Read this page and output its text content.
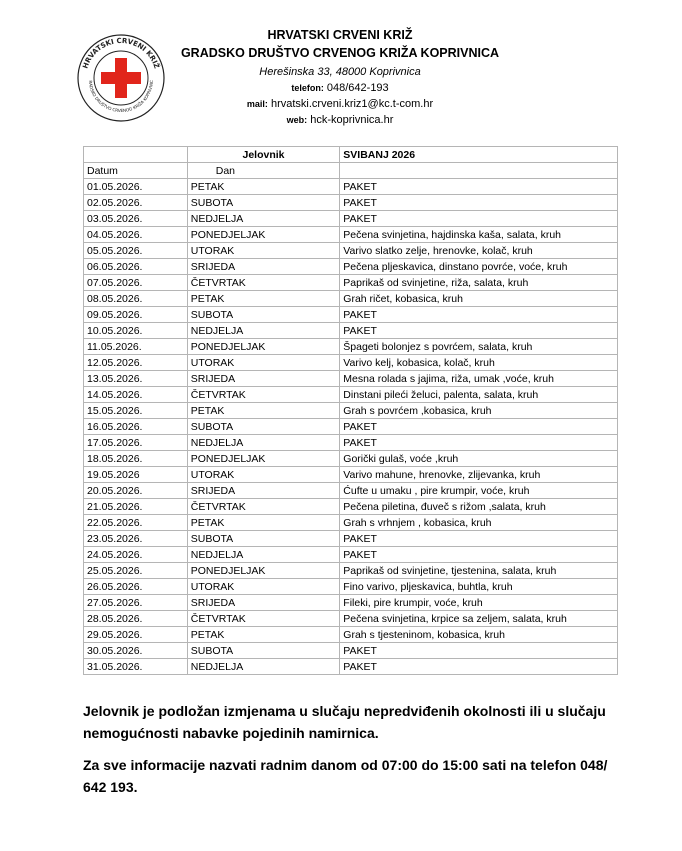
HRVATSKI CRVENI KRIŽ
RADSKO DRUŠTVO CRVENOG KRIŽA KOPRIVNIC
HRVATSKI CRVENI KRIŽ
GRADSKO DRUŠTVO CRVENOG KRIŽA KOPRIVNICA
Herešinska 33, 48000 Koprivnica
telefon: 048/642-193
mail: hrvatski.crveni.kriz1@kc.t-com.hr
web: hck-koprivnica.hr
	Jelovnik	SVIBANJ 2026
Datum	Dan	
01.05.2026.	PETAK	PAKET
02.05.2026.	SUBOTA	PAKET
03.05.2026.	NEDJELJA	PAKET
04.05.2026.	PONEDJELJAK	Pečena svinjetina, hajdinska kaša, salata, kruh
05.05.2026.	UTORAK	Varivo slatko zelje, hrenovke, kolač, kruh
06.05.2026.	SRIJEDA	Pečena pljeskavica, dinstano povrće, voće, kruh
07.05.2026.	ČETVRTAK	Paprikaš od svinjetine, riža, salata, kruh
08.05.2026.	PETAK	Grah ričet, kobasica, kruh
09.05.2026.	SUBOTA	PAKET
10.05.2026.	NEDJELJA	PAKET
11.05.2026.	PONEDJELJAK	Špageti bolonjez s povrćem, salata, kruh
12.05.2026.	UTORAK	Varivo kelj, kobasica, kolač, kruh
13.05.2026.	SRIJEDA	Mesna rolada s jajima, riža, umak ,voće, kruh
14.05.2026.	ČETVRTAK	Dinstani pileći želuci, palenta, salata, kruh
15.05.2026.	PETAK	Grah s povrćem ,kobasica, kruh
16.05.2026.	SUBOTA	PAKET
17.05.2026.	NEDJELJA	PAKET
18.05.2026.	PONEDJELJAK	Gorički gulaš, voće ,kruh
19.05.2026	UTORAK	Varivo mahune, hrenovke, zlijevanka, kruh
20.05.2026.	SRIJEDA	Ćufte u umaku , pire krumpir, voće, kruh
21.05.2026.	ČETVRTAK	Pečena piletina, đuveč s rižom ,salata, kruh
22.05.2026.	PETAK	Grah s vrhnjem , kobasica, kruh
23.05.2026.	SUBOTA	PAKET
24.05.2026.	NEDJELJA	PAKET
25.05.2026.	PONEDJELJAK	Paprikaš od svinjetine, tjestenina, salata, kruh
26.05.2026.	UTORAK	Fino varivo, pljeskavica, buhtla, kruh
27.05.2026.	SRIJEDA	Fileki, pire krumpir, voće, kruh
28.05.2026.	ČETVRTAK	Pečena svinjetina, krpice sa zeljem, salata, kruh
29.05.2026.	PETAK	Grah s tjesteninom, kobasica, kruh
30.05.2026.	SUBOTA	PAKET
31.05.2026.	NEDJELJA	PAKET
Jelovnik je podložan izmjenama u slučaju nepredviđenih okolnosti ili u slučaju nemogućnosti nabavke pojedinih namirnica.
Za sve informacije nazvati radnim danom od 07:00 do 15:00 sati na telefon 048/ 642 193.
